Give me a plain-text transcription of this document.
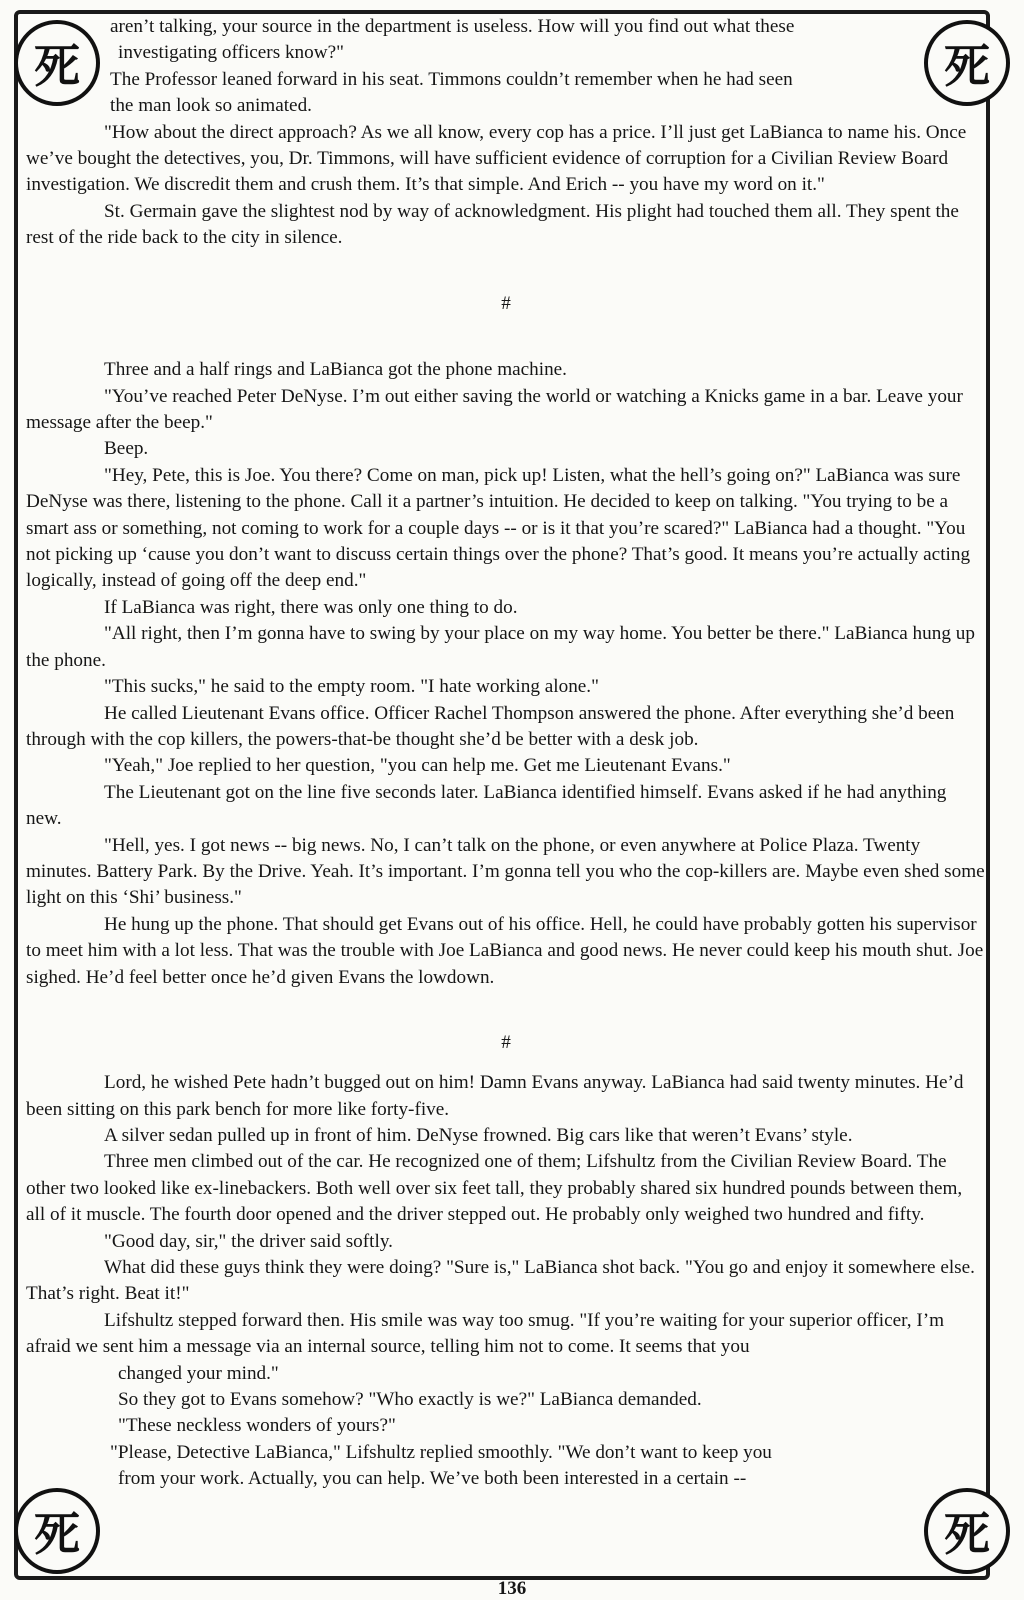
死	死
死	死

aren’t talking, your source in the department is useless. How will you find out what these

investigating officers know?"

The Professor leaned forward in his seat. Timmons couldn’t remember when he had seen

the man look so animated.

"How about the direct approach? As we all know, every cop has a price. I’ll just get LaBianca to name his. Once we’ve bought the detectives, you, Dr. Timmons, will have sufficient evidence of corruption for a Civilian Review Board investigation. We discredit them and crush them. It’s that simple. And Erich -- you have my word on it."

St. Germain gave the slightest nod by way of acknowledgment. His plight had touched them all. They spent the rest of the ride back to the city in silence.

#

Three and a half rings and LaBianca got the phone machine.

"You’ve reached Peter DeNyse. I’m out either saving the world or watching a Knicks game in a bar. Leave your message after the beep."

Beep.

"Hey, Pete, this is Joe. You there? Come on man, pick up! Listen, what the hell’s going on?" LaBianca was sure DeNyse was there, listening to the phone. Call it a partner’s intuition. He decided to keep on talking. "You trying to be a smart ass or something, not coming to work for a couple days -- or is it that you’re scared?" LaBianca had a thought. "You not picking up ‘cause you don’t want to discuss certain things over the phone? That’s good. It means you’re actually acting logically, instead of going off the deep end."

If LaBianca was right, there was only one thing to do.

"All right, then I’m gonna have to swing by your place on my way home. You better be there." LaBianca hung up the phone.

"This sucks," he said to the empty room. "I hate working alone."

He called Lieutenant Evans office. Officer Rachel Thompson answered the phone. After everything she’d been through with the cop killers, the powers-that-be thought she’d be better with a desk job.

"Yeah," Joe replied to her question, "you can help me. Get me Lieutenant Evans."

The Lieutenant got on the line five seconds later. LaBianca identified himself. Evans asked if he had anything new.

"Hell, yes. I got news -- big news. No, I can’t talk on the phone, or even anywhere at Police Plaza. Twenty minutes. Battery Park. By the Drive. Yeah. It’s important. I’m gonna tell you who the cop-killers are. Maybe even shed some light on this ‘Shi’ business."

He hung up the phone. That should get Evans out of his office. Hell, he could have probably gotten his supervisor to meet him with a lot less. That was the trouble with Joe LaBianca and good news. He never could keep his mouth shut. Joe sighed. He’d feel better once he’d given Evans the lowdown.

#

Lord, he wished Pete hadn’t bugged out on him! Damn Evans anyway. LaBianca had said twenty minutes. He’d been sitting on this park bench for more like forty-five.

A silver sedan pulled up in front of him. DeNyse frowned. Big cars like that weren’t Evans’ style.

Three men climbed out of the car. He recognized one of them; Lifshultz from the Civilian Review Board. The other two looked like ex-linebackers. Both well over six feet tall, they probably shared six hundred pounds between them, all of it muscle. The fourth door opened and the driver stepped out. He probably only weighed two hundred and fifty.

"Good day, sir," the driver said softly.

What did these guys think they were doing? "Sure is," LaBianca shot back. "You go and enjoy it somewhere else. That’s right. Beat it!"

Lifshultz stepped forward then. His smile was way too smug. "If you’re waiting for your superior officer, I’m afraid we sent him a message via an internal source, telling him not to come. It seems that you

changed your mind."

So they got to Evans somehow? "Who exactly is we?" LaBianca demanded.

"These neckless wonders of yours?"

"Please, Detective LaBianca," Lifshultz replied smoothly. "We don’t want to keep you

from your work. Actually, you can help. We’ve both been interested in a certain --

136
